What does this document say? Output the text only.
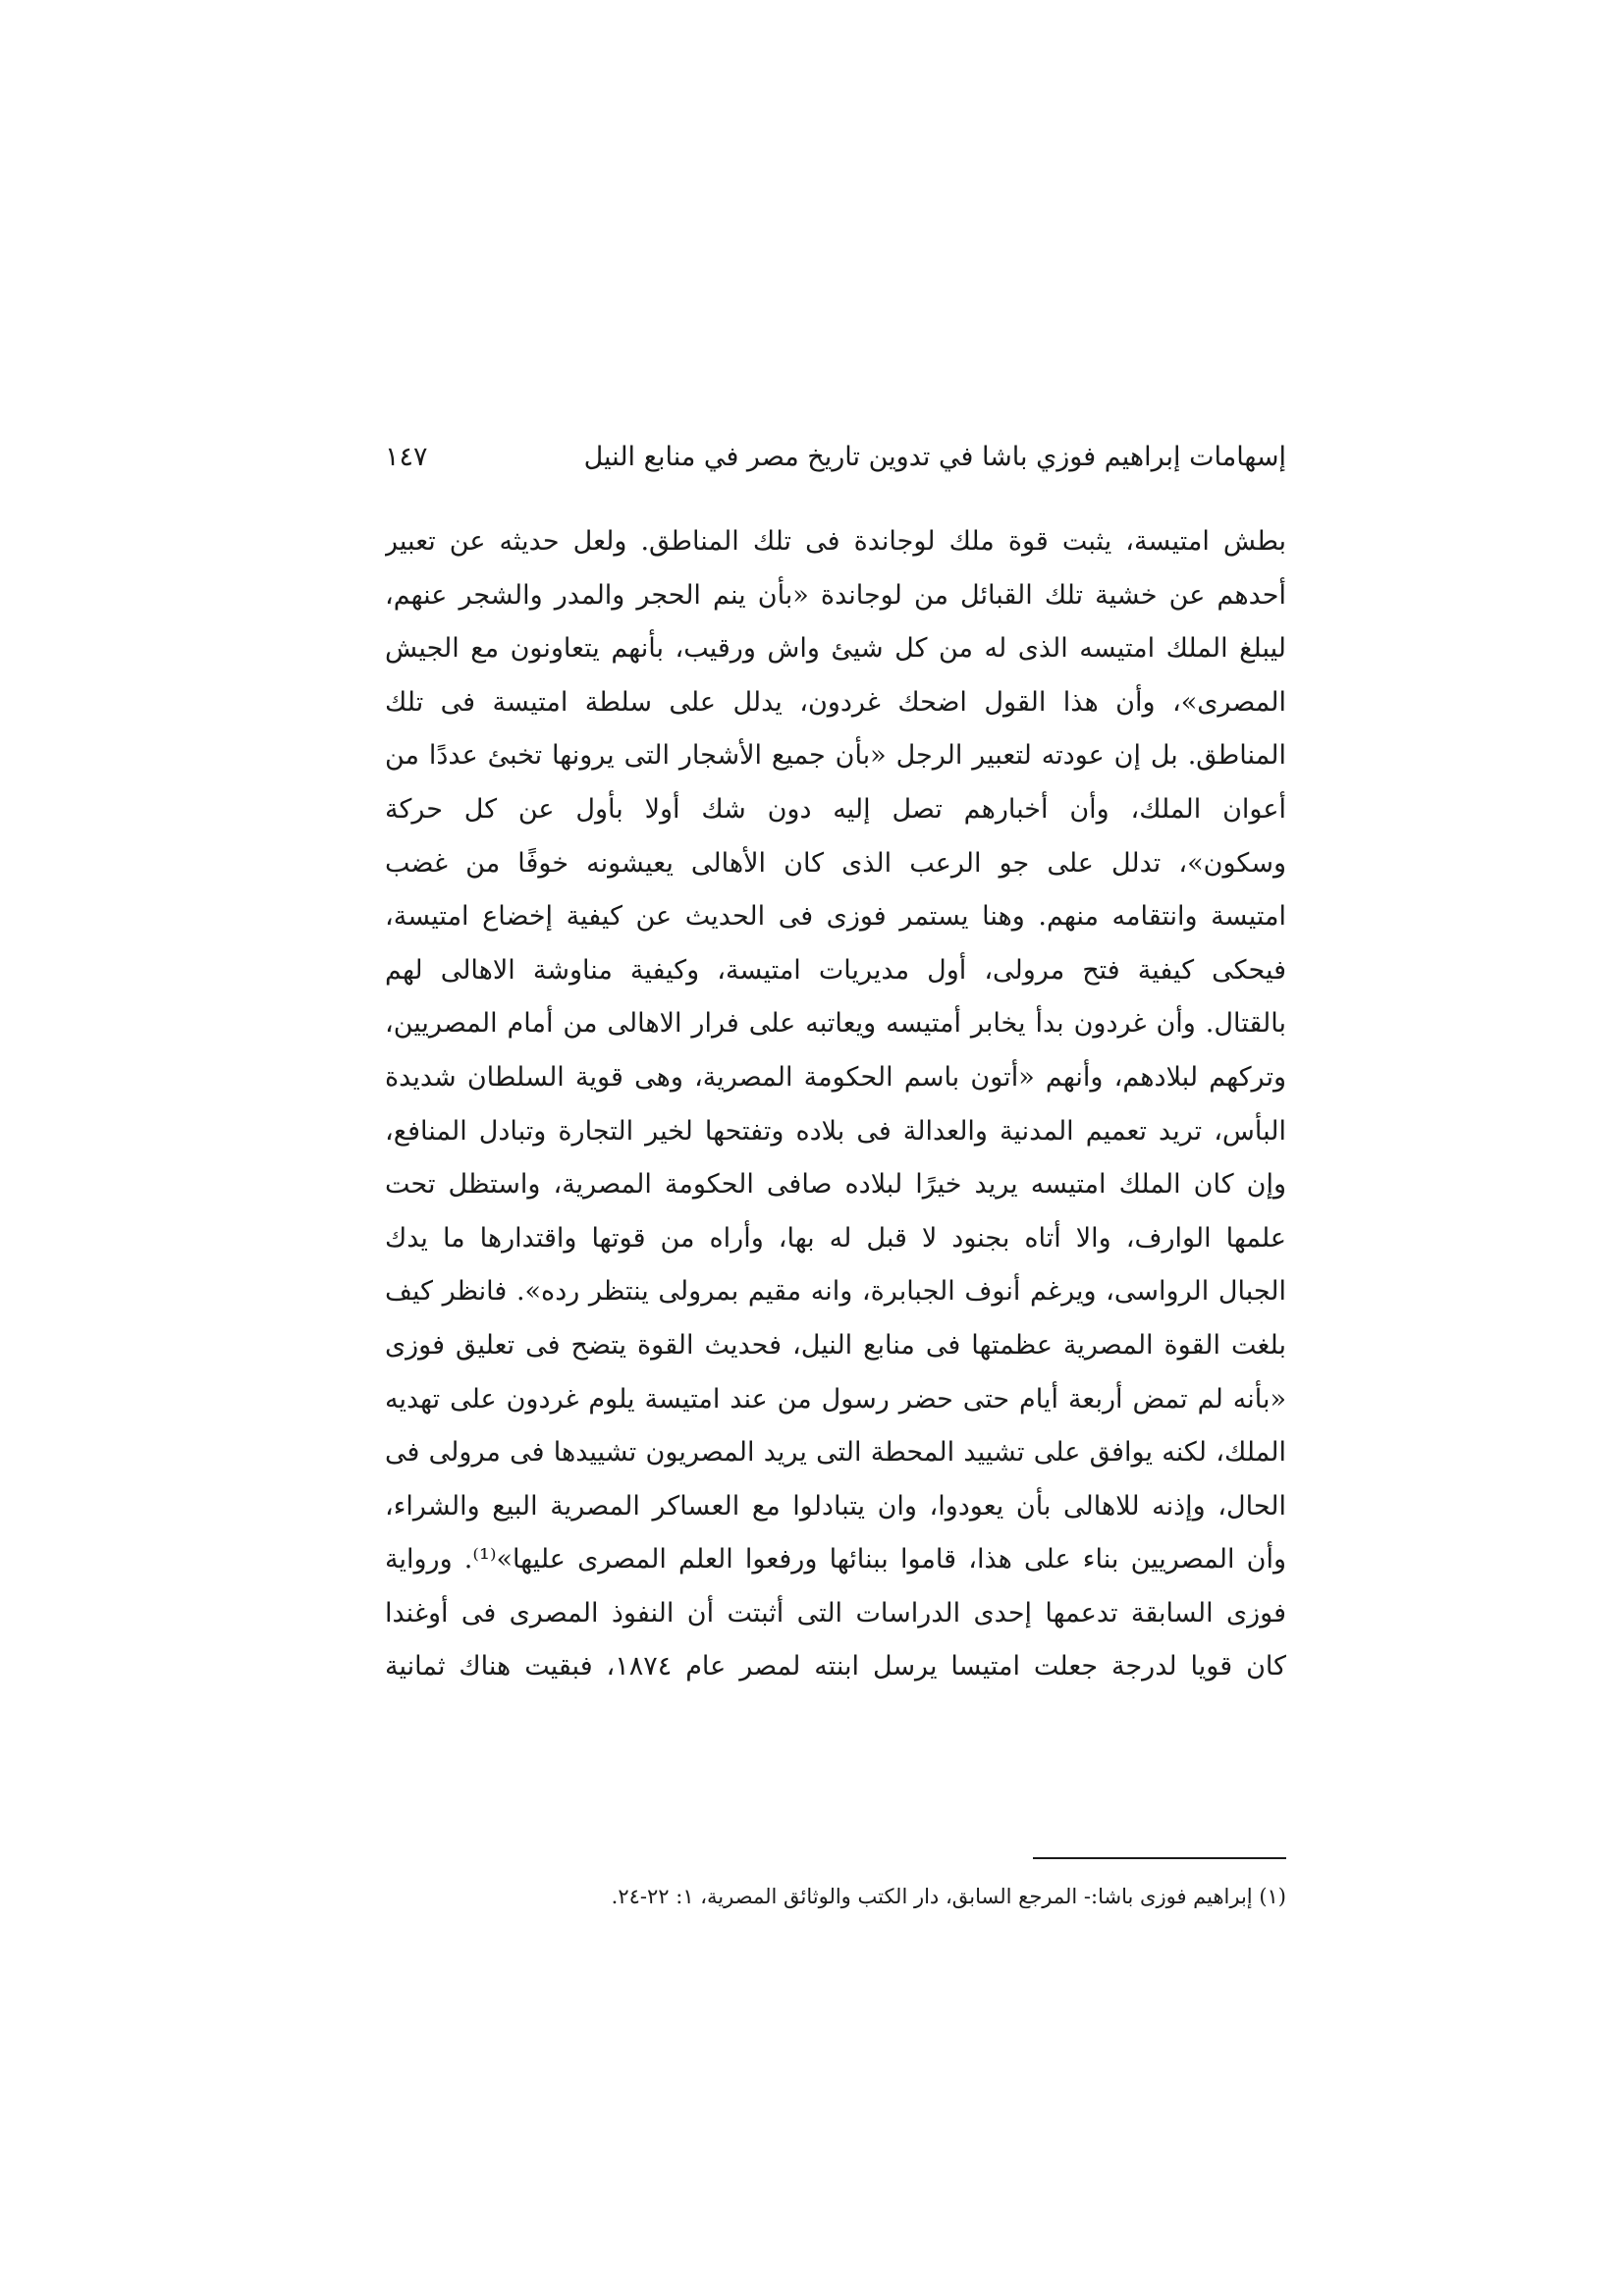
إسهامات إبراهيم فوزي باشا في تدوين تاريخ مصر في منابع النيل
١٤٧
بطش امتيسة، يثبت قوة ملك لوجاندة فى تلك المناطق. ولعل حديثه عن تعبير
أحدهم عن خشية تلك القبائل من لوجاندة «بأن ينم الحجر والمدر والشجر عنهم،
ليبلغ الملك امتيسه الذى له من كل شيئ واش ورقيب، بأنهم يتعاونون مع الجيش
المصرى»، وأن هذا القول اضحك غردون، يدلل على سلطة امتيسة فى تلك
المناطق. بل إن عودته لتعبير الرجل «بأن جميع الأشجار التى يرونها تخبئ عددًا من
أعوان الملك، وأن أخبارهم تصل إليه دون شك أولا بأول عن كل حركة
وسكون»، تدلل على جو الرعب الذى كان الأهالى يعيشونه خوفًا من غضب
امتيسة وانتقامه منهم. وهنا يستمر فوزى فى الحديث عن كيفية إخضاع امتيسة،
فيحكى كيفية فتح مرولى، أول مديريات امتيسة، وكيفية مناوشة الاهالى لهم
بالقتال. وأن غردون بدأ يخابر أمتيسه ويعاتبه على فرار الاهالى من أمام المصريين،
وتركهم لبلادهم، وأنهم «أتون باسم الحكومة المصرية، وهى قوية السلطان شديدة
البأس، تريد تعميم المدنية والعدالة فى بلاده وتفتحها لخير التجارة وتبادل المنافع،
وإن كان الملك امتيسه يريد خيرًا لبلاده صافى الحكومة المصرية، واستظل تحت
علمها الوارف، والا أتاه بجنود لا قبل له بها، وأراه من قوتها واقتدارها ما يدك
الجبال الرواسى، ويرغم أنوف الجبابرة، وانه مقيم بمرولى ينتظر رده». فانظر كيف
بلغت القوة المصرية عظمتها فى منابع النيل، فحديث القوة يتضح فى تعليق فوزى
«بأنه لم تمض أربعة أيام حتى حضر رسول من عند امتيسة يلوم غردون على تهديه
الملك، لكنه يوافق على تشييد المحطة التى يريد المصريون تشييدها فى مرولى فى
الحال، وإذنه للاهالى بأن يعودوا، وان يتبادلوا مع العساكر المصرية البيع والشراء،
وأن المصريين بناء على هذا، قاموا ببنائها ورفعوا العلم المصرى عليها»⁽¹⁾. ورواية
فوزى السابقة تدعمها إحدى الدراسات التى أثبتت أن النفوذ المصرى فى أوغندا
كان قويا لدرجة جعلت امتيسا يرسل ابنته لمصر عام ١٨٧٤، فبقيت هناك ثمانية
(١) إبراهيم فوزى باشا:- المرجع السابق، دار الكتب والوثائق المصرية، ١: ٢٢-٢٤.
